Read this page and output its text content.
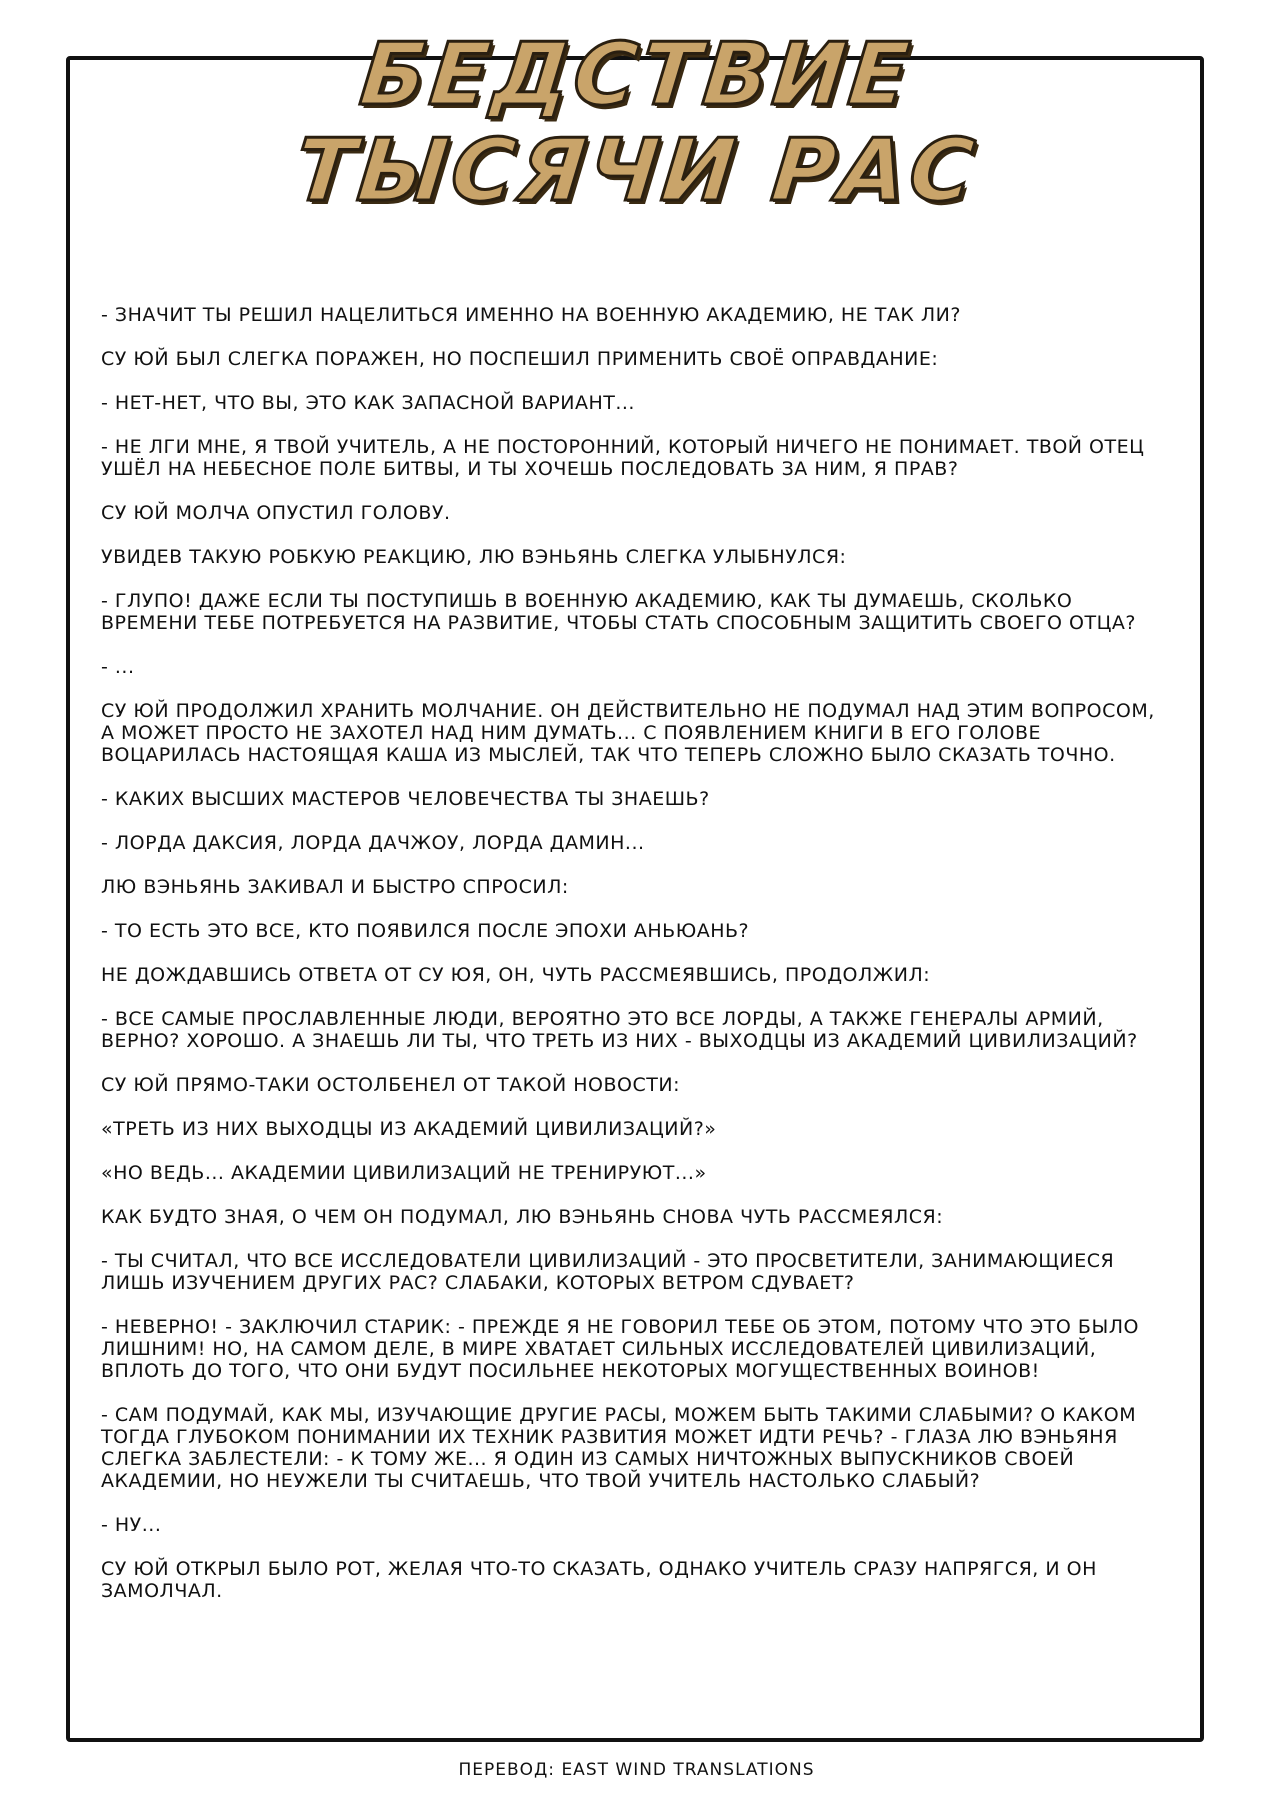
БЕДСТВИЕ
ТЫСЯЧИ РАС

- ЗНАЧИТ ТЫ РЕШИЛ НАЦЕЛИТЬСЯ ИМЕННО НА ВОЕННУЮ АКАДЕМИЮ, НЕ ТАК ЛИ?

СУ ЮЙ БЫЛ СЛЕГКА ПОРАЖЕН, НО ПОСПЕШИЛ ПРИМЕНИТЬ СВОЁ ОПРАВДАНИЕ:

- НЕТ-НЕТ, ЧТО ВЫ, ЭТО КАК ЗАПАСНОЙ ВАРИАНТ...

- НЕ ЛГИ МНЕ, Я ТВОЙ УЧИТЕЛЬ, А НЕ ПОСТОРОННИЙ, КОТОРЫЙ НИЧЕГО НЕ ПОНИМАЕТ. ТВОЙ ОТЕЦ УШЁЛ НА НЕБЕСНОЕ ПОЛЕ БИТВЫ, И ТЫ ХОЧЕШЬ ПОСЛЕДОВАТЬ ЗА НИМ, Я ПРАВ?

СУ ЮЙ МОЛЧА ОПУСТИЛ ГОЛОВУ.

УВИДЕВ ТАКУЮ РОБКУЮ РЕАКЦИЮ, ЛЮ ВЭНЬЯНЬ СЛЕГКА УЛЫБНУЛСЯ:

- ГЛУПО! ДАЖЕ ЕСЛИ ТЫ ПОСТУПИШЬ В ВОЕННУЮ АКАДЕМИЮ, КАК ТЫ ДУМАЕШЬ, СКОЛЬКО ВРЕМЕНИ ТЕБЕ ПОТРЕБУЕТСЯ НА РАЗВИТИЕ, ЧТОБЫ СТАТЬ СПОСОБНЫМ ЗАЩИТИТЬ СВОЕГО ОТЦА?

- ...

СУ ЮЙ ПРОДОЛЖИЛ ХРАНИТЬ МОЛЧАНИЕ. ОН ДЕЙСТВИТЕЛЬНО НЕ ПОДУМАЛ НАД ЭТИМ ВОПРОСОМ, А МОЖЕТ ПРОСТО НЕ ЗАХОТЕЛ НАД НИМ ДУМАТЬ... С ПОЯВЛЕНИЕМ КНИГИ В ЕГО ГОЛОВЕ ВОЦАРИЛАСЬ НАСТОЯЩАЯ КАША ИЗ МЫСЛЕЙ, ТАК ЧТО ТЕПЕРЬ СЛОЖНО БЫЛО СКАЗАТЬ ТОЧНО.

- КАКИХ ВЫСШИХ МАСТЕРОВ ЧЕЛОВЕЧЕСТВА ТЫ ЗНАЕШЬ?

- ЛОРДА ДАКСИЯ, ЛОРДА ДАЧЖОУ, ЛОРДА ДАМИН...

ЛЮ ВЭНЬЯНЬ ЗАКИВАЛ И БЫСТРО СПРОСИЛ:

- ТО ЕСТЬ ЭТО ВСЕ, КТО ПОЯВИЛСЯ ПОСЛЕ ЭПОХИ АНЬЮАНЬ?

НЕ ДОЖДАВШИСЬ ОТВЕТА ОТ СУ ЮЯ, ОН, ЧУТЬ РАССМЕЯВШИСЬ, ПРОДОЛЖИЛ:

- ВСЕ САМЫЕ ПРОСЛАВЛЕННЫЕ ЛЮДИ, ВЕРОЯТНО ЭТО ВСЕ ЛОРДЫ, А ТАКЖЕ ГЕНЕРАЛЫ АРМИЙ, ВЕРНО? ХОРОШО. А ЗНАЕШЬ ЛИ ТЫ, ЧТО ТРЕТЬ ИЗ НИХ - ВЫХОДЦЫ ИЗ АКАДЕМИЙ ЦИВИЛИЗАЦИЙ?

СУ ЮЙ ПРЯМО-ТАКИ ОСТОЛБЕНЕЛ ОТ ТАКОЙ НОВОСТИ:

«ТРЕТЬ ИЗ НИХ ВЫХОДЦЫ ИЗ АКАДЕМИЙ ЦИВИЛИЗАЦИЙ?»

«НО ВЕДЬ... АКАДЕМИИ ЦИВИЛИЗАЦИЙ НЕ ТРЕНИРУЮТ...»

КАК БУДТО ЗНАЯ, О ЧЕМ ОН ПОДУМАЛ, ЛЮ ВЭНЬЯНЬ СНОВА ЧУТЬ РАССМЕЯЛСЯ:

- ТЫ СЧИТАЛ, ЧТО ВСЕ ИССЛЕДОВАТЕЛИ ЦИВИЛИЗАЦИЙ - ЭТО ПРОСВЕТИТЕЛИ, ЗАНИМАЮЩИЕСЯ ЛИШЬ ИЗУЧЕНИЕМ ДРУГИХ РАС? СЛАБАКИ, КОТОРЫХ ВЕТРОМ СДУВАЕТ?

- НЕВЕРНО! - ЗАКЛЮЧИЛ СТАРИК: - ПРЕЖДЕ Я НЕ ГОВОРИЛ ТЕБЕ ОБ ЭТОМ, ПОТОМУ ЧТО ЭТО БЫЛО ЛИШНИМ! НО, НА САМОМ ДЕЛЕ, В МИРЕ ХВАТАЕТ СИЛЬНЫХ ИССЛЕДОВАТЕЛЕЙ ЦИВИЛИЗАЦИЙ, ВПЛОТЬ ДО ТОГО, ЧТО ОНИ БУДУТ ПОСИЛЬНЕЕ НЕКОТОРЫХ МОГУЩЕСТВЕННЫХ ВОИНОВ!

- САМ ПОДУМАЙ, КАК МЫ, ИЗУЧАЮЩИЕ ДРУГИЕ РАСЫ, МОЖЕМ БЫТЬ ТАКИМИ СЛАБЫМИ? О КАКОМ ТОГДА ГЛУБОКОМ ПОНИМАНИИ ИХ ТЕХНИК РАЗВИТИЯ МОЖЕТ ИДТИ РЕЧЬ? - ГЛАЗА ЛЮ ВЭНЬЯНЯ СЛЕГКА ЗАБЛЕСТЕЛИ: - К ТОМУ ЖЕ... Я ОДИН ИЗ САМЫХ НИЧТОЖНЫХ ВЫПУСКНИКОВ СВОЕЙ АКАДЕМИИ, НО НЕУЖЕЛИ ТЫ СЧИТАЕШЬ, ЧТО ТВОЙ УЧИТЕЛЬ НАСТОЛЬКО СЛАБЫЙ?

- НУ...

СУ ЮЙ ОТКРЫЛ БЫЛО РОТ, ЖЕЛАЯ ЧТО-ТО СКАЗАТЬ, ОДНАКО УЧИТЕЛЬ СРАЗУ НАПРЯГСЯ, И ОН ЗАМОЛЧАЛ.

ПЕРЕВОД: EAST WIND TRANSLATIONS
